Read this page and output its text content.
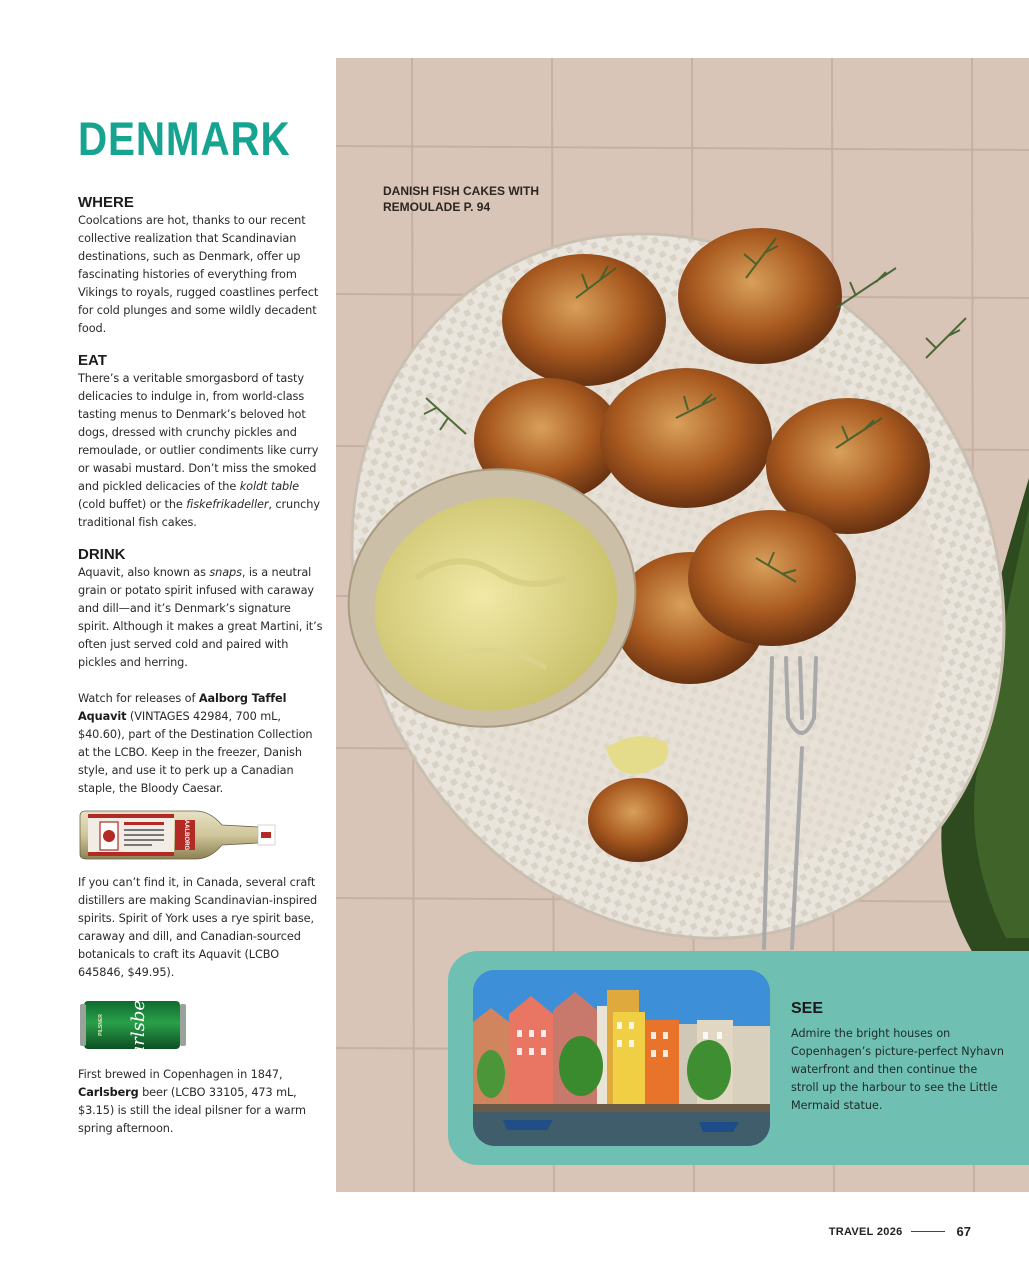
DENMARK
WHERE

Coolcations are hot, thanks to our recent collective realization that Scandinavian destinations, such as Denmark, offer up fascinating histories of everything from Vikings to royals, rugged coastlines perfect for cold plunges and some wildly decadent food.

EAT

There’s a veritable smorgasbord of tasty delicacies to indulge in, from world-class tasting menus to Denmark’s beloved hot dogs, dressed with crunchy pickles and remoulade, or outlier condiments like curry or wasabi mustard. Don’t miss the smoked and pickled delicacies of the koldt table (cold buffet) or the fiskefrikadeller, crunchy traditional fish cakes.

DRINK

Aquavit, also known as snaps, is a neutral grain or potato spirit infused with caraway and dill—and it’s Denmark’s signature spirit. Although it makes a great Martini, it’s often just served cold and paired with pickles and herring.

Watch for releases of Aalborg Taffel Aquavit (VINTAGES 42984, 700 mL, $40.60), part of the Destination Collection at the LCBO. Keep in the freezer, Danish style, and use it to perk up a Canadian staple, the Bloody Caesar.

AALBORG

If you can’t find it, in Canada, several craft distillers are making Scandinavian-inspired spirits. Spirit of York uses a rye spirit base, caraway and dill, and Canadian-sourced botanicals to craft its Aquavit (LCBO 645846, $49.95).

Carlsberg
PILSNER

First brewed in Copenhagen in 1847, Carlsberg beer (LCBO 33105, 473 mL, $3.15) is still the ideal pilsner for a warm spring afternoon.

DANISH FISH CAKES WITH REMOULADE P. 94
SEE

Admire the bright houses on Copenhagen’s picture-perfect Nyhavn waterfront and then continue the stroll up the harbour to see the Little Mermaid statue.

TRAVEL 2026	67
